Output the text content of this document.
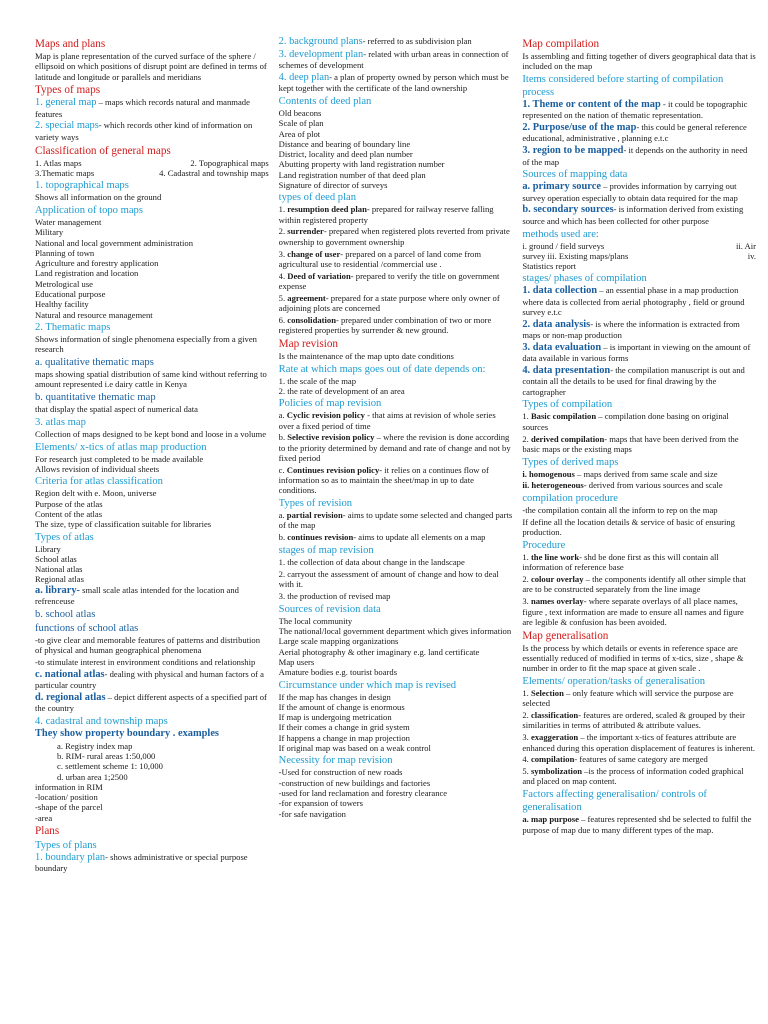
Maps and plans
Map is plane representation of the curved surface of the sphere / ellipsoid on which positions of disrupt point are defined in terms of latitude and longitude or parallels and meridians
Types of maps
1. general map – maps which records natural and manmade features
2. special maps- which records other kind of information on variety ways
Classification of general maps
1. Atlas maps	2. Topographical maps
3.Thematic maps	4. Cadastral and township maps
1. topographical maps
Shows all information on the ground
Application of topo maps
Water management
Military
National and local government administration
Planning of town
Agriculture and forestry application
Land registration and location
Metrological use
Educational purpose
Healthy facility
Natural and resource management
2. Thematic maps
Shows information of single phenomena especially from a given research
a. qualitative thematic maps
maps showing spatial distribution of same kind without referring to amount represented i.e dairy cattle in Kenya
b. quantitative thematic map
that display the spatial aspect of numerical data
3. atlas map
Collection of maps designed to be kept bond and loose in a volume
Elements/ x-tics of atlas map production
For research just completed to be made available
Allows revision of individual sheets
Criteria for atlas classification
Region delt with e. Moon, universe
Purpose of the atlas
Content of the atlas
The size, type of classification suitable for libraries
Types of atlas
Library
School atlas
National atlas
Regional atlas
a. library- small scale atlas intended for the location and refrenceuse
b. school atlas
functions of school atlas
-to give clear and memorable features of patterns and distribution of physical and human geographical phenomena
-to stimulate interest in environment conditions and relationship
c. national atlas- dealing with physical and human factors of a particular country
d. regional atlas – depict different aspects of a specified part of the country
4. cadastral and township maps
They show property boundary . examples
a. Registry index map
b. RIM- rural areas 1:50,000
c. settlement scheme 1: 10,000
d. urban area 1;2500
information in RIM
-location/ position
-shape of the parcel
-area
Plans
Types of plans
1. boundary plan- shows administrative or special purpose boundary
2. background plans- referred to as subdivision plan
3. development plan- related with urban areas in connection of schemes of development
4. deep plan- a plan of property owned by person which must be kept together with the certificate of the land ownership
Contents of deed plan
Old beacons
Scale of plan
Area of plot
Distance and bearing of boundary line
District, locality and deed plan number
Abutting property with land registration number
Land registration number of that deed plan
Signature of director of surveys
types of deed plan
1. resumption deed plan- prepared for railway reserve falling within registered property
2. surrender- prepared when registered plots reverted from private ownership to government ownership
3. change of user- prepared on a parcel of land come from agricultural use to residential /commercial use .
4. Deed of variation- prepared to verify the title on government expense
5. agreement- prepared for a state purpose where only owner of adjoining plots are concerned
6. consolidation- prepared under combination of two or more registered properties by surrender & new ground.
Map revision
Is the maintenance of the map upto date conditions
Rate at which maps goes out of date depends on:
1. the scale of the map
2. the rate of development of an area
Policies of map revision
a. Cyclic revision policy - that aims at revision of whole series over a fixed period of time
b. Selective revision policy – where the revision is done according to the priority determined by demand and rate of change and not by fixed period
c. Continues revision policy- it relies on a continues flow of information so as to maintain the sheet/map in up to date conditions.
Types of revision
a. partial revision- aims to update some selected and changed parts of the map
b. continues revision- aims to update all elements on a map
stages of map revision
1. the collection of data about change in the landscape
2. carryout the assessment of amount of change and how to deal with it.
3. the production of revised map
Sources of revision data
The local community
The national/local government department which gives information
Large scale mapping organizations
Aerial photography & other imaginary e.g. land certificate
Map users
Amature bodies e.g. tourist boards
Circumstance under which map is revised
If the map has changes in design
If the amount of change is enormous
If map is undergoing metrication
If their comes a change in grid system
If happens a change in map projection
If original map was based on a weak control
Necessity for map revision
-Used for construction of new roads
-construction of new buildings and factories
-used for land reclamation and forestry clearance
-for expansion of towers
-for safe navigation
Map compilation
Is assembling and fitting together of divers geographical data that is included on the map
Items considered before starting of compilation process
1. Theme or content of the map - it could be topographic represented on the nation of thematic representation.
2. Purpose/use of the map- this could be general reference educational, administrative , planning e.t.c
3. region to be mapped- it depends on the authority in need of the map
Sources of mapping data
a. primary source – provides information by carrying out survey operation especially to obtain data required for the map
b. secondary sources- is information derived from existing source and which has been collected for other purpose
methods used are:
i. ground / field surveys	ii. Air
survey iii. Existing maps/plans	iv.
Statistics report
stages/ phases of compilation
1. data collection – an essential phase in a map production where data is collected from aerial photography , field or ground survey e.t.c
2. data analysis- is where the information is extracted from maps or non-map production
3. data evaluation – is important in viewing on the amount of data available in various forms
4. data presentation- the compilation manuscript is out and contain all the details to be used for final drawing by the cartographer
Types of compilation
1. Basic compilation – compilation done basing on original sources
2. derived compilation- maps that have been derived from the basic maps or the existing maps
Types of derived maps
i. homogenous – maps derived from same scale and size
ii. heterogeneous- derived from various sources and scale
compilation procedure
-the compilation contain all the inform to rep on the map
If define all the location details & service of basic of ensuring production.
Procedure
1. the line work- shd be done first as this will contain all information of reference base
2. colour overlay – the components identify all other simple that are to be constructed separately from the line image
3. names overlay- where separate overlays of all place names, figure , text information are made to ensure all names and figure are legible & confusion has been avoided.
Map generalisation
Is the process by which details or events in reference space are essentially reduced of modified in terms of x-tics, size , shape & number in order to fit the map space at given scale .
Elements/ operation/tasks of generalisation
1. Selection – only feature which will service the purpose are selected
2. classification- features are ordered, scaled & grouped by their similarities in terms of attributed & attribute values.
3. exaggeration – the important x-tics of features attribute are enhanced during this operation displacement of features is inherent.
4. compilation- features of same category are merged
5. symbolization –is the process of information coded graphical and placed on map content.
Factors affecting generalisation/ controls of generalisation
a. map purpose – features represented shd be selected to fulfil the purpose of map due to many different types of the map.
